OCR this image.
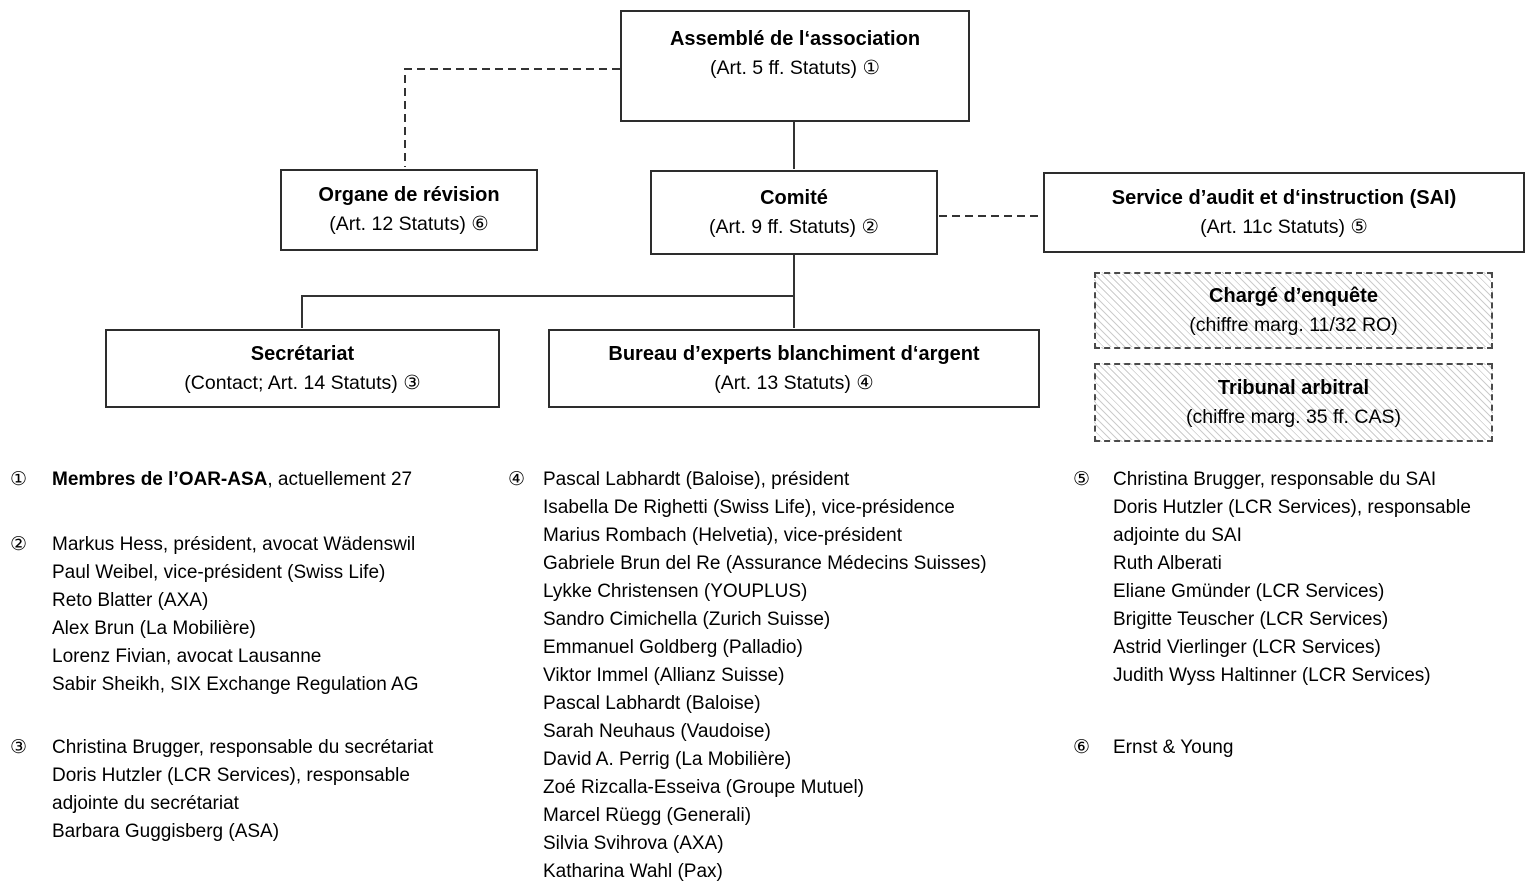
Assemblé de l‘association
(Art. 5 ff. Statuts) ①
Organe de révision
(Art. 12 Statuts) ⑥
Comité
(Art. 9 ff. Statuts) ②
Service d’audit et d‘instruction (SAI)
(Art. 11c Statuts) ⑤
Secrétariat
(Contact; Art. 14 Statuts) ③
Bureau d’experts blanchiment d‘argent
(Art. 13 Statuts) ④
Chargé d’enquête
(chiffre marg. 11/32 RO)
Tribunal arbitral
(chiffre marg. 35 ff. CAS)
①	Membres de l’OAR-ASA, actuellement 27
②	Markus Hess, président, avocat Wädenswil
Paul Weibel, vice-président (Swiss Life)
Reto Blatter (AXA)
Alex Brun (La Mobilière)
Lorenz Fivian, avocat Lausanne
Sabir Sheikh, SIX Exchange Regulation AG
③	Christina Brugger, responsable du secrétariat
Doris Hutzler (LCR Services), responsable
adjointe du secrétariat
Barbara Guggisberg (ASA)
④ Pascal Labhardt (Baloise), président
Isabella De Righetti (Swiss Life), vice-présidence
Marius Rombach (Helvetia), vice-président
Gabriele Brun del Re (Assurance Médecins Suisses)
Lykke Christensen (YOUPLUS)
Sandro Cimichella (Zurich Suisse)
Emmanuel Goldberg (Palladio)
Viktor Immel (Allianz Suisse)
Pascal Labhardt (Baloise)
Sarah Neuhaus (Vaudoise)
David A. Perrig (La Mobilière)
Zoé Rizcalla-Esseiva (Groupe Mutuel)
Marcel Rüegg (Generali)
Silvia Svihrova (AXA)
Katharina Wahl (Pax)
⑤	Christina Brugger, responsable du SAI
Doris Hutzler (LCR Services), responsable
adjointe du SAI
Ruth Alberati
Eliane Gmünder (LCR Services)
Brigitte Teuscher (LCR Services)
Astrid Vierlinger (LCR Services)
Judith Wyss Haltinner (LCR Services)
⑥	Ernst & Young
